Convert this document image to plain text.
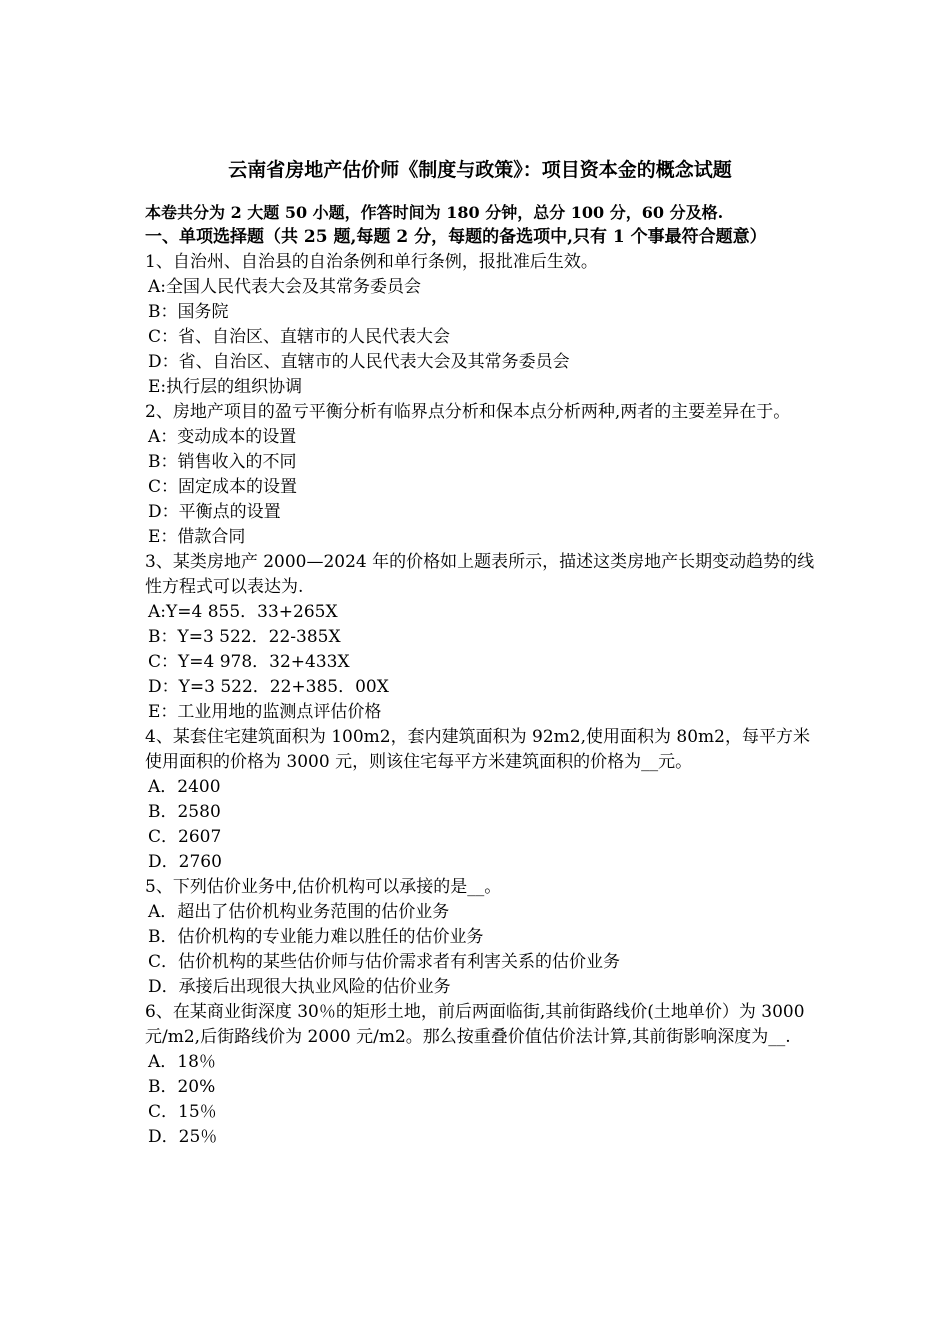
云南省房地产估价师《制度与政策》：项目资本金的概念试题
本卷共分为 2 大题 50 小题，作答时间为 180 分钟，总分 100 分，60 分及格.
一、单项选择题（共 25 题,每题 2 分，每题的备选项中,只有 1 个事最符合题意）
1、自治州、自治县的自治条例和单行条例，报批准后生效。
A:全国人民代表大会及其常务委员会
B：国务院
C：省、自治区、直辖市的人民代表大会
D：省、自治区、直辖市的人民代表大会及其常务委员会
E:执行层的组织协调
2、房地产项目的盈亏平衡分析有临界点分析和保本点分析两种,两者的主要差异在于。
A：变动成本的设置
B：销售收入的不同
C：固定成本的设置
D：平衡点的设置
E：借款合同
3、某类房地产 2000—2024 年的价格如上题表所示，描述这类房地产长期变动趋势的线性方程式可以表达为.
A:Y=4 855．33+265X
B：Y=3 522．22-385X
C：Y=4 978．32+433X
D：Y=3 522．22+385．00X
E：工业用地的监测点评估价格
4、某套住宅建筑面积为 100m2，套内建筑面积为 92m2,使用面积为 80m2，每平方米使用面积的价格为 3000 元，则该住宅每平方米建筑面积的价格为__元。
A．2400
B．2580
C．2607
D．2760
5、下列估价业务中,估价机构可以承接的是__。
A．超出了估价机构业务范围的估价业务
B．估价机构的专业能力难以胜任的估价业务
C．估价机构的某些估价师与估价需求者有利害关系的估价业务
D．承接后出现很大执业风险的估价业务
6、在某商业街深度 30％的矩形土地，前后两面临街,其前街路线价(土地单价）为 3000 元/m2,后街路线价为 2000 元/m2。那么按重叠价值估价法计算,其前街影响深度为__.
A．18％
B．20%
C．15％
D．25％
